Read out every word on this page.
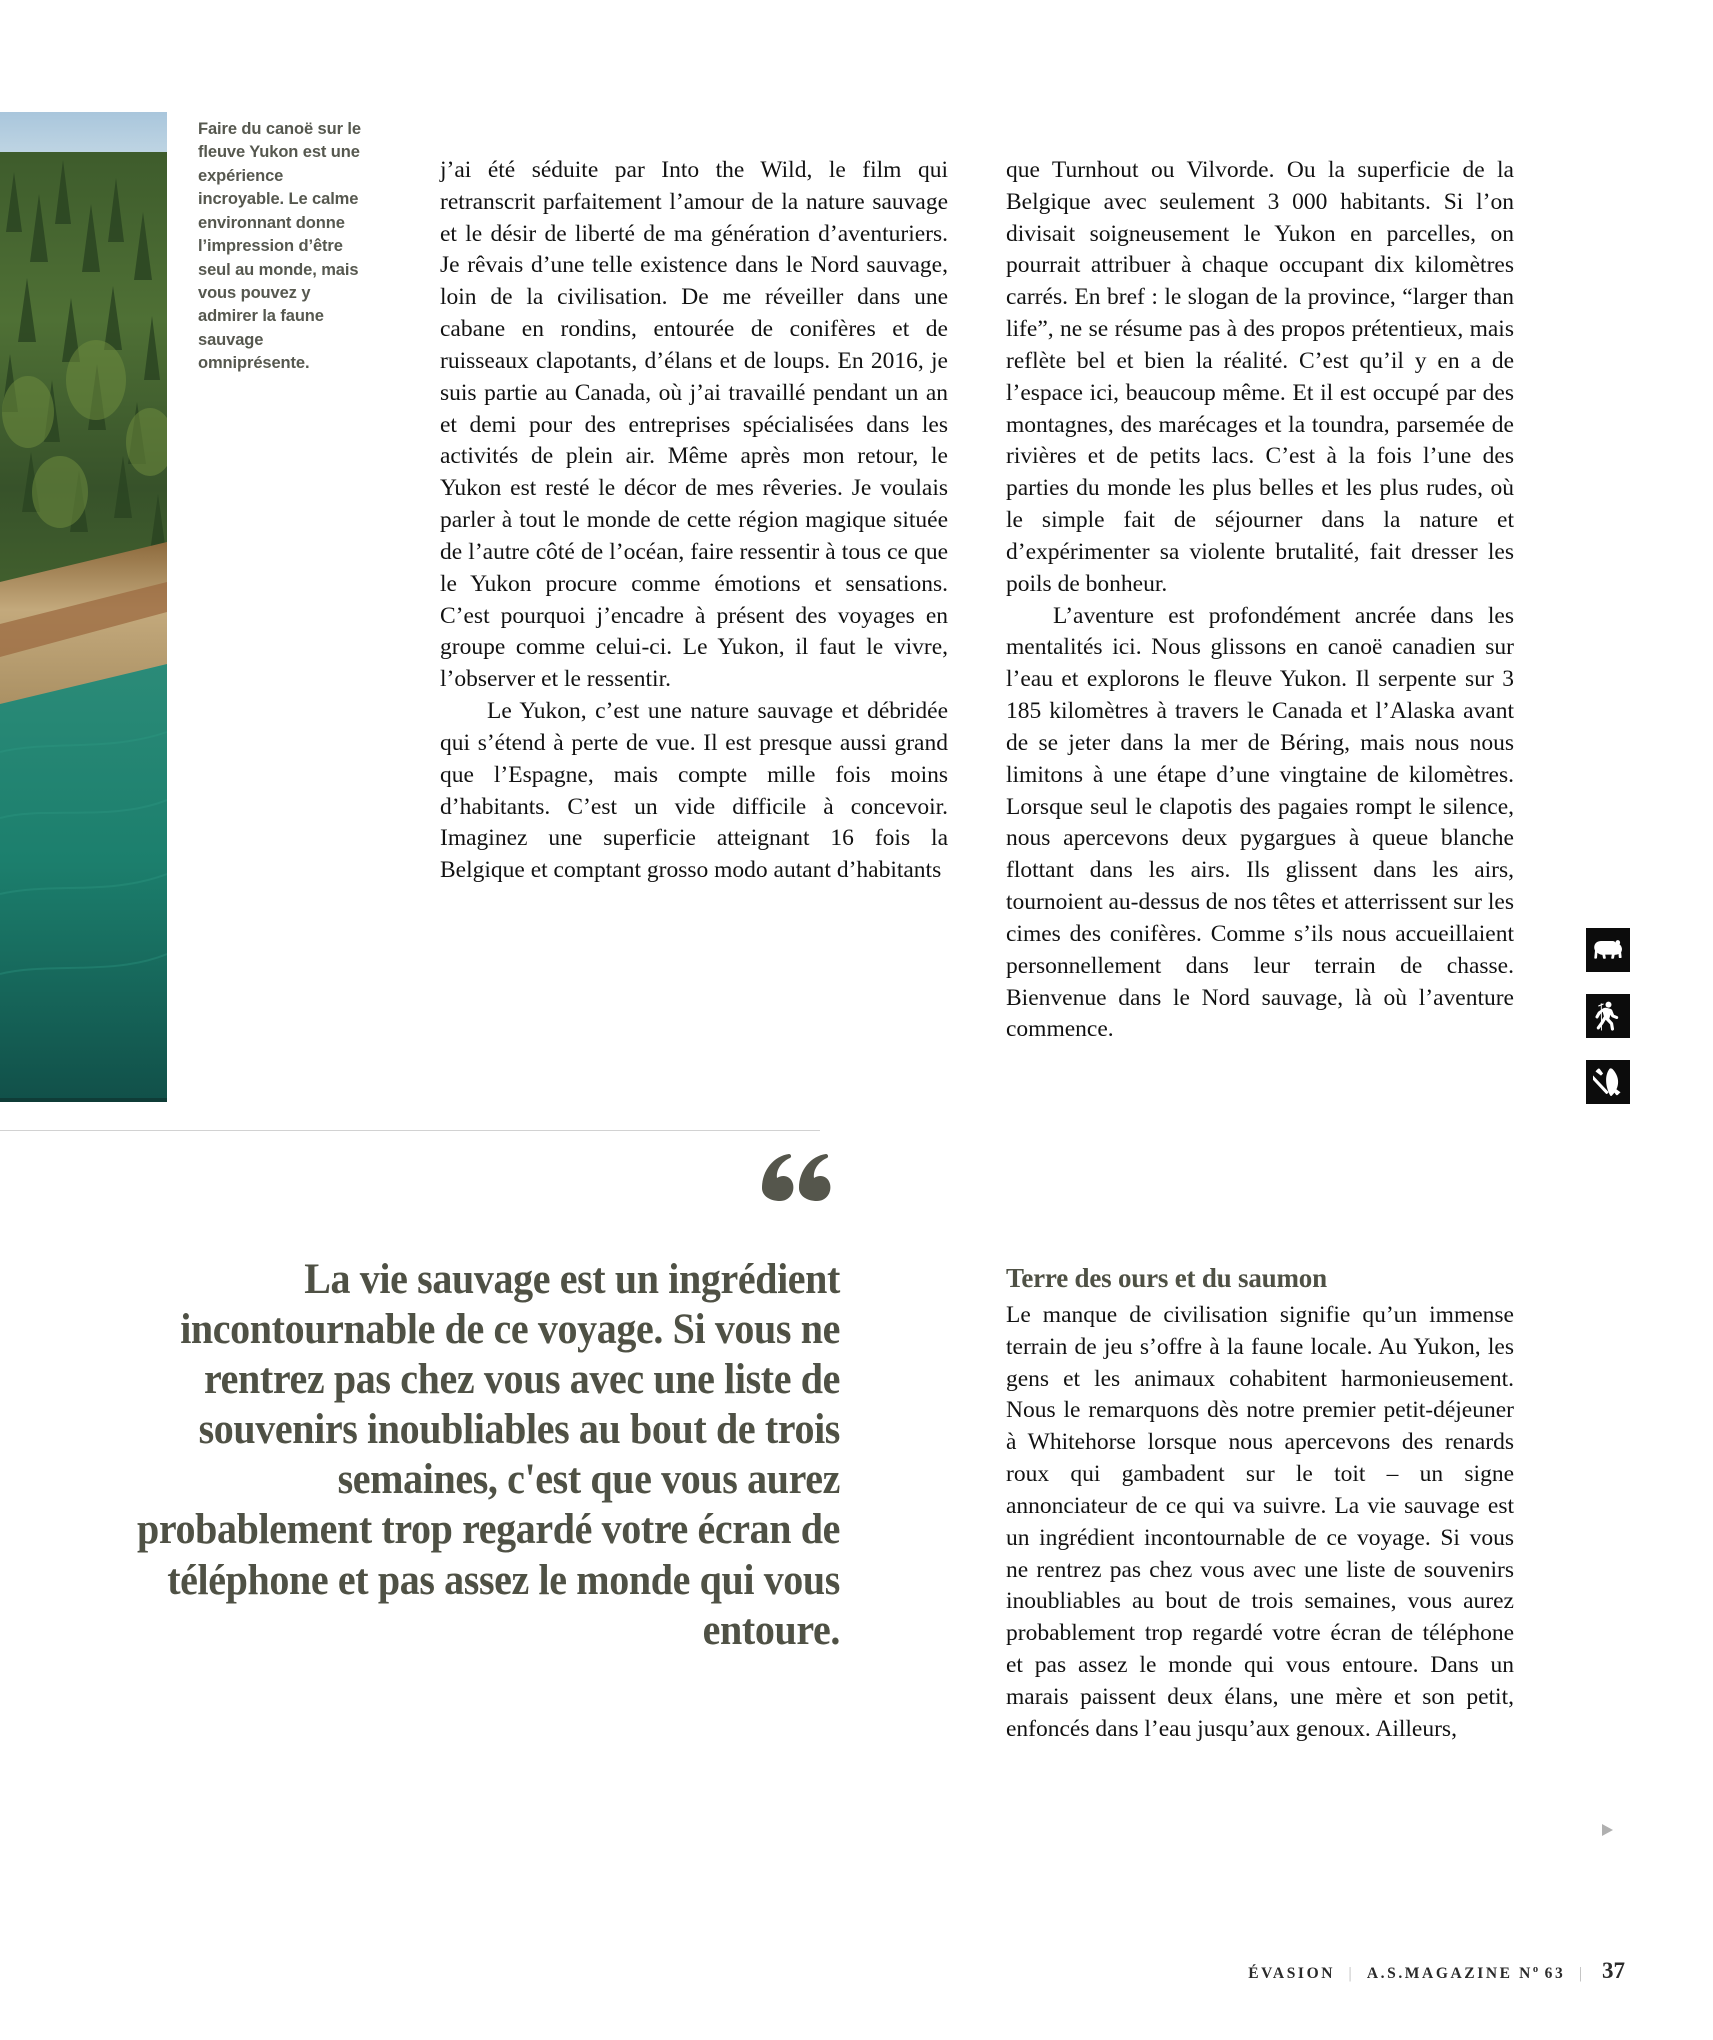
Faire du canoë sur le fleuve Yukon est une expérience incroyable. Le calme environnant donne l’impression d’être seul au monde, mais vous pouvez y admirer la faune sauvage omniprésente.

j’ai été séduite par Into the Wild, le film qui retranscrit parfaitement l’amour de la nature sauvage et le désir de liberté de ma génération d’aventuriers. Je rêvais d’une telle existence dans le Nord sauvage, loin de la civilisation. De me réveiller dans une cabane en rondins, entourée de conifères et de ruisseaux clapotants, d’élans et de loups. En 2016, je suis partie au Canada, où j’ai travaillé pendant un an et demi pour des entreprises spécialisées dans les activités de plein air. Même après mon retour, le Yukon est resté le décor de mes rêveries. Je voulais parler à tout le monde de cette région magique située de l’autre côté de l’océan, faire ressentir à tous ce que le Yukon procure comme émotions et sensations. C’est pourquoi j’encadre à présent des voyages en groupe comme celui-ci. Le Yukon, il faut le vivre, l’observer et le ressentir.

Le Yukon, c’est une nature sauvage et débridée qui s’étend à perte de vue. Il est presque aussi grand que l’Espagne, mais compte mille fois moins d’habitants. C’est un vide difficile à concevoir. Imaginez une superficie atteignant 16 fois la Belgique et comptant grosso modo autant d’habitants

que Turnhout ou Vilvorde. Ou la superficie de la Belgique avec seulement 3 000 habitants. Si l’on divisait soigneusement le Yukon en parcelles, on pourrait attribuer à chaque occupant dix kilomètres carrés. En bref : le slogan de la province, “larger than life”, ne se résume pas à des propos prétentieux, mais reflète bel et bien la réalité. C’est qu’il y en a de l’espace ici, beaucoup même. Et il est occupé par des montagnes, des marécages et la toundra, parsemée de rivières et de petits lacs. C’est à la fois l’une des parties du monde les plus belles et les plus rudes, où le simple fait de séjourner dans la nature et d’expérimenter sa violente brutalité, fait dresser les poils de bonheur.

L’aventure est profondément ancrée dans les mentalités ici. Nous glissons en canoë canadien sur l’eau et explorons le fleuve Yukon. Il serpente sur 3 185 kilomètres à travers le Canada et l’Alaska avant de se jeter dans la mer de Béring, mais nous nous limitons à une étape d’une vingtaine de kilomètres. Lorsque seul le clapotis des pagaies rompt le silence, nous apercevons deux pygargues à queue blanche flottant dans les airs. Ils glissent dans les airs, tournoient au-dessus de nos têtes et atterrissent sur les cimes des conifères. Comme s’ils nous accueillaient personnellement dans leur terrain de chasse. Bienvenue dans le Nord sauvage, là où l’aventure commence.

La vie sauvage est un ingrédient incontournable de ce voyage. Si vous ne rentrez pas chez vous avec une liste de souvenirs inoubliables au bout de trois semaines, c'est que vous aurez probablement trop regardé votre écran de téléphone et pas assez le monde qui vous entoure.
Terre des ours et du saumon

Le manque de civilisation signifie qu’un immense terrain de jeu s’offre à la faune locale. Au Yukon, les gens et les animaux cohabitent harmonieusement. Nous le remarquons dès notre premier petit-déjeuner à Whitehorse lorsque nous apercevons des renards roux qui gambadent sur le toit – un signe annonciateur de ce qui va suivre. La vie sauvage est un ingrédient incontournable de ce voyage. Si vous ne rentrez pas chez vous avec une liste de souvenirs inoubliables au bout de trois semaines, vous aurez probablement trop regardé votre écran de téléphone et pas assez le monde qui vous entoure. Dans un marais paissent deux élans, une mère et son petit, enfoncés dans l’eau jusqu’aux genoux. Ailleurs,

ÉVASION | A.S.MAGAZINE $N^o$ 63 | 37
